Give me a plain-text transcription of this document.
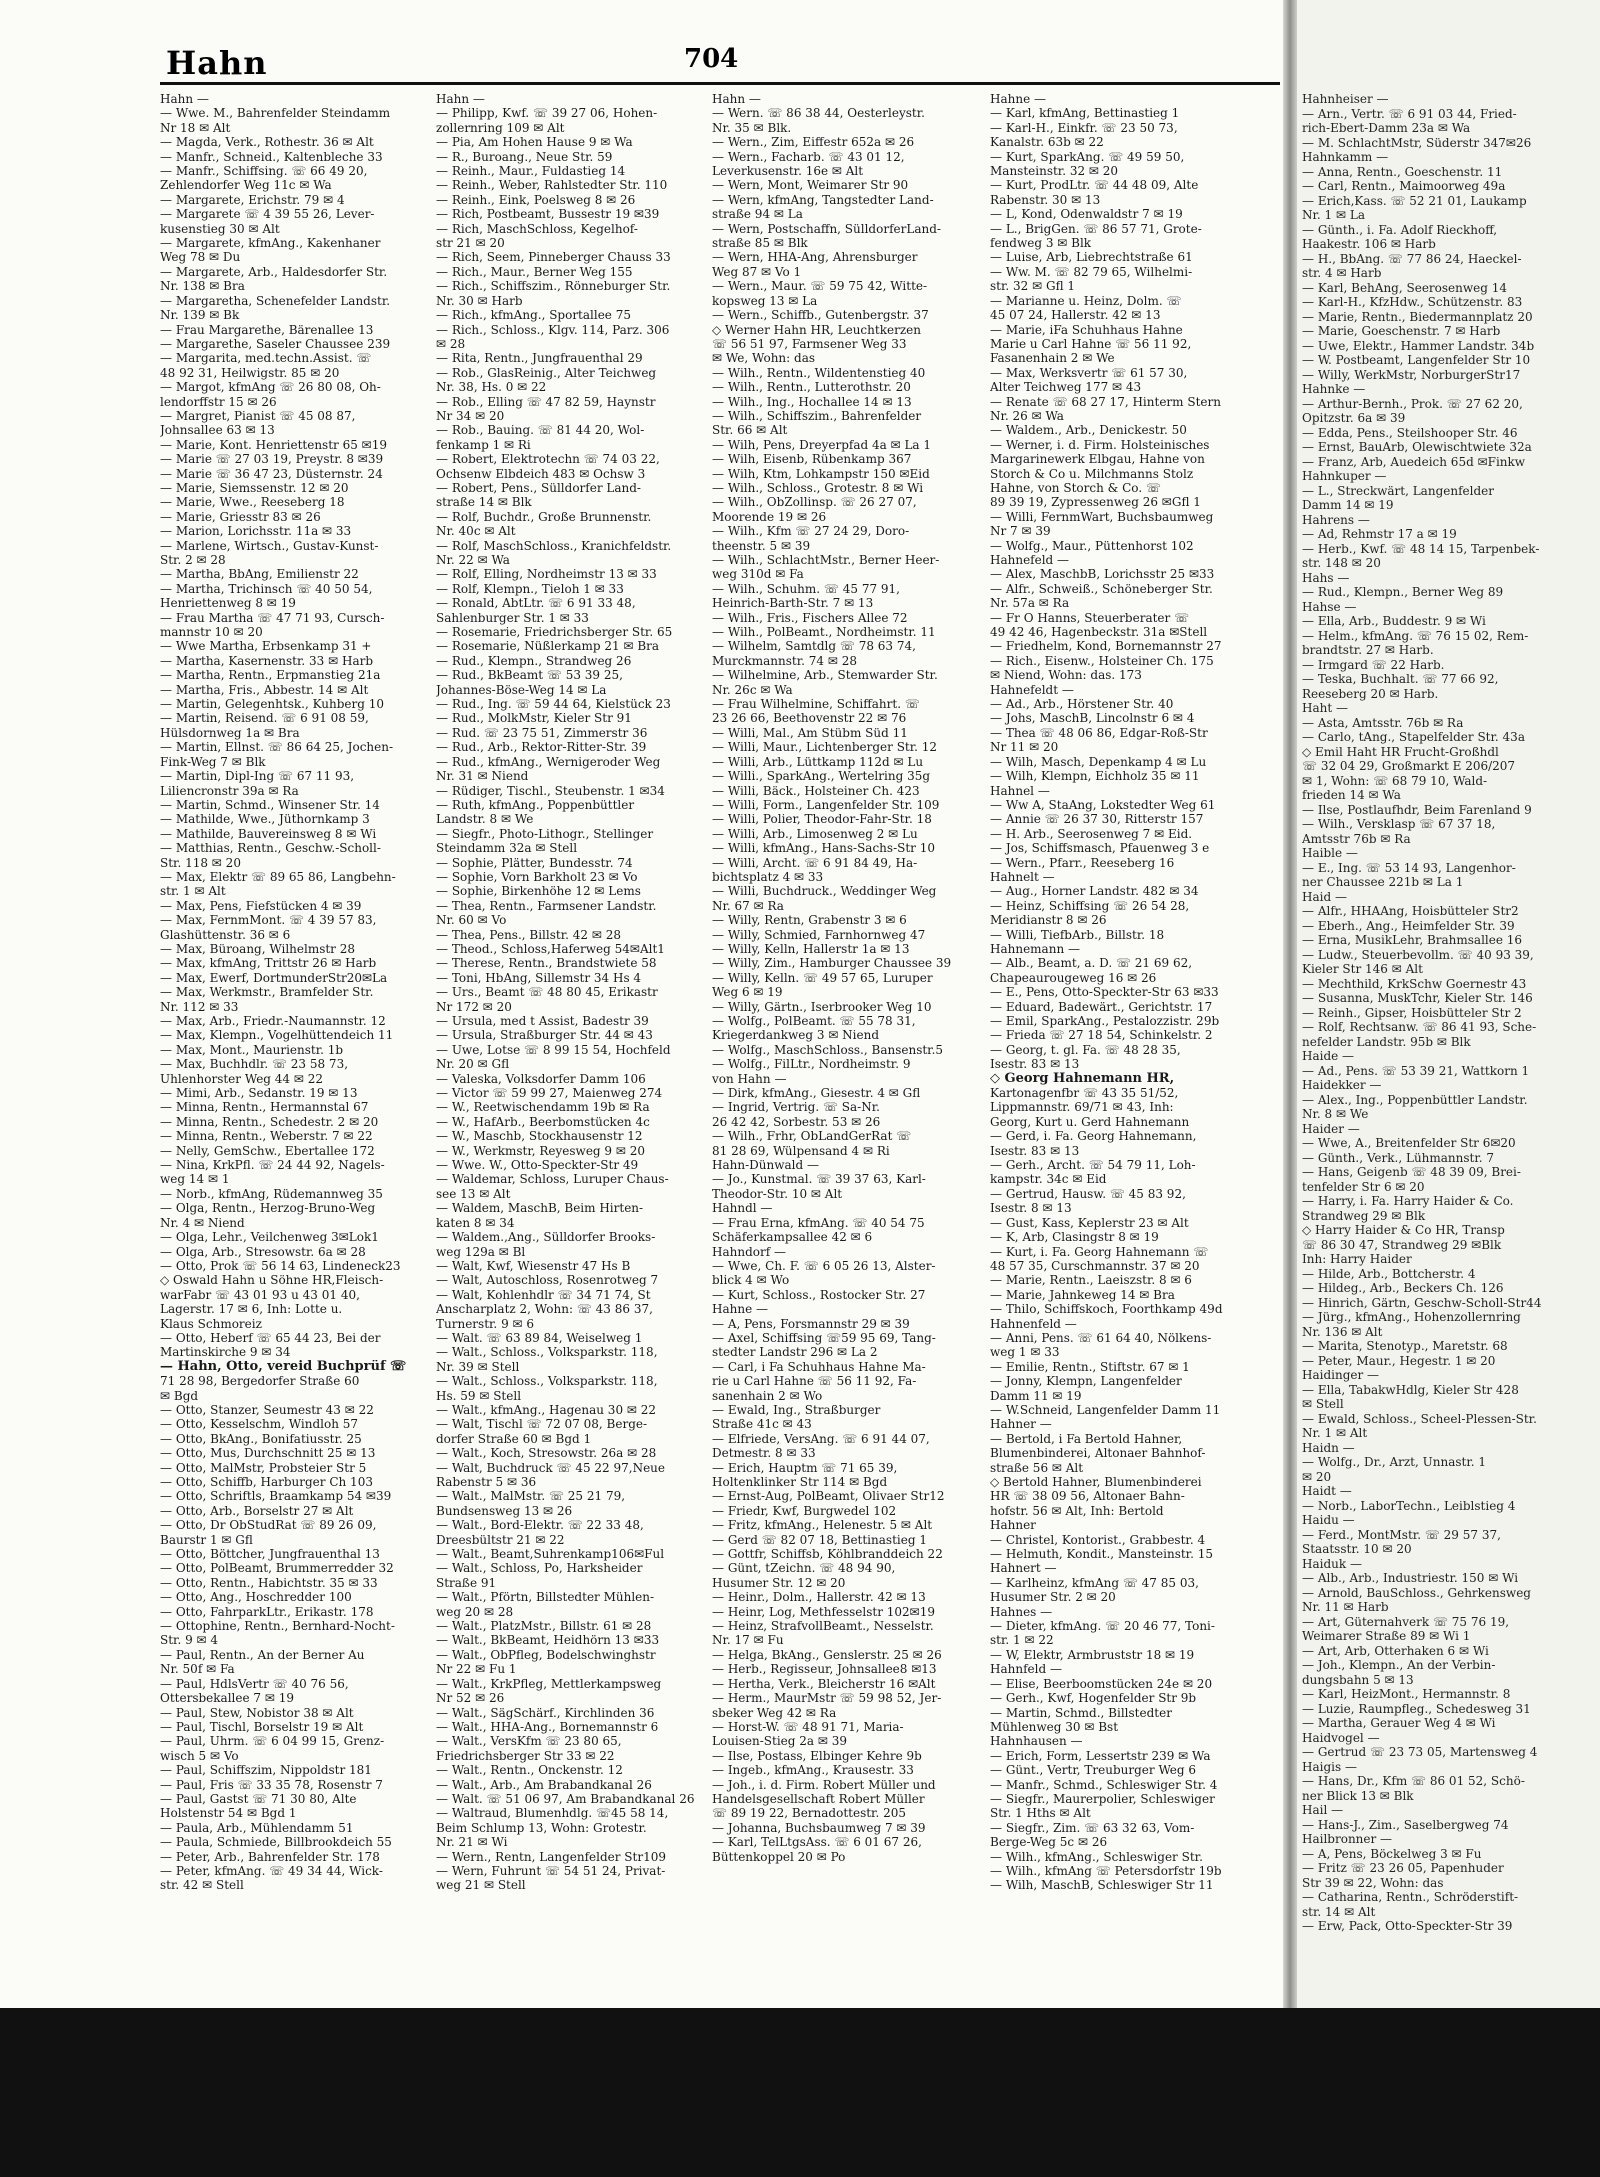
Hahn	704
Hahn —
— Wwe. M., Bahrenfelder Steindamm
Nr 18 ✉ Alt
— Magda, Verk., Rothestr. 36 ✉ Alt
— Manfr., Schneid., Kaltenbleche 33
— Manfr., Schiffsing. ☏ 66 49 20,
Zehlendorfer Weg 11c ✉ Wa
— Margarete, Erichstr. 79 ✉ 4
— Margarete ☏ 4 39 55 26, Lever-
kusenstieg 30 ✉ Alt
— Margarete, kfmAng., Kakenhaner
Weg 78 ✉ Du
— Margarete, Arb., Haldesdorfer Str.
Nr. 138 ✉ Bra
— Margaretha, Schenefelder Landstr.
Nr. 139 ✉ Bk
— Frau Margarethe, Bärenallee 13
— Margarethe, Saseler Chaussee 239
— Margarita, med.techn.Assist. ☏
48 92 31, Heilwigstr. 85 ✉ 20
— Margot, kfmAng ☏ 26 80 08, Oh-
lendorffstr 15 ✉ 26
— Margret, Pianist ☏ 45 08 87,
Johnsallee 63 ✉ 13
— Marie, Kont. Henriettenstr 65 ✉19
— Marie ☏ 27 03 19, Preystr. 8 ✉39
— Marie ☏ 36 47 23, Düsternstr. 24
— Marie, Siemssenstr. 12 ✉ 20
— Marie, Wwe., Reeseberg 18
— Marie, Griesstr 83 ✉ 26
— Marion, Lorichsstr. 11a ✉ 33
— Marlene, Wirtsch., Gustav-Kunst-
Str. 2 ✉ 28
— Martha, BbAng, Emilienstr 22
— Martha, Trichinsch ☏ 40 50 54,
Henriettenweg 8 ✉ 19
— Frau Martha ☏ 47 71 93, Cursch-
mannstr 10 ✉ 20
— Wwe Martha, Erbsenkamp 31 +
— Martha, Kasernenstr. 33 ✉ Harb
— Martha, Rentn., Erpmanstieg 21a
— Martha, Fris., Abbestr. 14 ✉ Alt
— Martin, Gelegenhtsk., Kuhberg 10
— Martin, Reisend. ☏ 6 91 08 59,
Hülsdornweg 1a ✉ Bra
— Martin, Ellnst. ☏ 86 64 25, Jochen-
Fink-Weg 7 ✉ Blk
— Martin, Dipl-Ing ☏ 67 11 93,
Liliencronstr 39a ✉ Ra
— Martin, Schmd., Winsener Str. 14
— Mathilde, Wwe., Jüthornkamp 3
— Mathilde, Bauvereinsweg 8 ✉ Wi
— Matthias, Rentn., Geschw.-Scholl-
Str. 118 ✉ 20
— Max, Elektr ☏ 89 65 86, Langbehn-
str. 1 ✉ Alt
— Max, Pens, Fiefstücken 4 ✉ 39
— Max, FernmMont. ☏ 4 39 57 83,
Glashüttenstr. 36 ✉ 6
— Max, Büroang, Wilhelmstr 28
— Max, kfmAng, Trittstr 26 ✉ Harb
— Max, Ewerf, DortmunderStr20✉La
— Max, Werkmstr., Bramfelder Str.
Nr. 112 ✉ 33
— Max, Arb., Friedr.-Naumannstr. 12
— Max, Klempn., Vogelhüttendeich 11
— Max, Mont., Maurienstr. 1b
— Max, Buchhdlr. ☏ 23 58 73,
Uhlenhorster Weg 44 ✉ 22
— Mimi, Arb., Sedanstr. 19 ✉ 13
— Minna, Rentn., Hermannstal 67
— Minna, Rentn., Schedestr. 2 ✉ 20
— Minna, Rentn., Weberstr. 7 ✉ 22
— Nelly, GemSchw., Ebertallee 172
— Nina, KrkPfl. ☏ 24 44 92, Nagels-
weg 14 ✉ 1
— Norb., kfmAng, Rüdemannweg 35
— Olga, Rentn., Herzog-Bruno-Weg
Nr. 4 ✉ Niend
— Olga, Lehr., Veilchenweg 3✉Lok1
— Olga, Arb., Stresowstr. 6a ✉ 28
— Otto, Prok ☏ 56 14 63, Lindeneck23
◇ Oswald Hahn u Söhne HR,Fleisch-
warFabr ☏ 43 01 93 u 43 01 40,
Lagerstr. 17 ✉ 6, Inh: Lotte u.
Klaus Schmoreiz
— Otto, Heberf ☏ 65 44 23, Bei der
Martinskirche 9 ✉ 34
— Hahn, Otto, vereid Buchprüf ☏
71 28 98, Bergedorfer Straße 60
✉ Bgd
— Otto, Stanzer, Seumestr 43 ✉ 22
— Otto, Kesselschm, Windloh 57
— Otto, BkAng., Bonifatiusstr. 25
— Otto, Mus, Durchschnitt 25 ✉ 13
— Otto, MalMstr, Probsteier Str 5
— Otto, Schiffb, Harburger Ch 103
— Otto, Schriftls, Braamkamp 54 ✉39
— Otto, Arb., Borselstr 27 ✉ Alt
— Otto, Dr ObStudRat ☏ 89 26 09,
Baurstr 1 ✉ Gfl
— Otto, Böttcher, Jungfrauenthal 13
— Otto, PolBeamt, Brummerredder 32
— Otto, Rentn., Habichtstr. 35 ✉ 33
— Otto, Ang., Hoschredder 100
— Otto, FahrparkLtr., Erikastr. 178
— Ottophine, Rentn., Bernhard-Nocht-
Str. 9 ✉ 4
— Paul, Rentn., An der Berner Au
Nr. 50f ✉ Fa
— Paul, HdlsVertr ☏ 40 76 56,
Ottersbekallee 7 ✉ 19
— Paul, Stew, Nobistor 38 ✉ Alt
— Paul, Tischl, Borselstr 19 ✉ Alt
— Paul, Uhrm. ☏ 6 04 99 15, Grenz-
wisch 5 ✉ Vo
— Paul, Schiffszim, Nippoldstr 181
— Paul, Fris ☏ 33 35 78, Rosenstr 7
— Paul, Gastst ☏ 71 30 80, Alte
Holstenstr 54 ✉ Bgd 1
— Paula, Arb., Mühlendamm 51
— Paula, Schmiede, Billbrookdeich 55
— Peter, Arb., Bahrenfelder Str. 178
— Peter, kfmAng. ☏ 49 34 44, Wick-
str. 42 ✉ Stell
Hahn —
— Philipp, Kwf. ☏ 39 27 06, Hohen-
zollernring 109 ✉ Alt
— Pia, Am Hohen Hause 9 ✉ Wa
— R., Buroang., Neue Str. 59
— Reinh., Maur., Fuldastieg 14
— Reinh., Weber, Rahlstedter Str. 110
— Reinh., Eink, Poelsweg 8 ✉ 26
— Rich, Postbeamt, Bussestr 19 ✉39
— Rich, MaschSchloss, Kegelhof-
str 21 ✉ 20
— Rich, Seem, Pinneberger Chauss 33
— Rich., Maur., Berner Weg 155
— Rich., Schiffszim., Rönneburger Str.
Nr. 30 ✉ Harb
— Rich., kfmAng., Sportallee 75
— Rich., Schloss., Klgv. 114, Parz. 306
✉ 28
— Rita, Rentn., Jungfrauenthal 29
— Rob., GlasReinig., Alter Teichweg
Nr. 38, Hs. 0 ✉ 22
— Rob., Elling ☏ 47 82 59, Haynstr
Nr 34 ✉ 20
— Rob., Bauing. ☏ 81 44 20, Wol-
fenkamp 1 ✉ Ri
— Robert, Elektrotechn ☏ 74 03 22,
Ochsenw Elbdeich 483 ✉ Ochsw 3
— Robert, Pens., Sülldorfer Land-
straße 14 ✉ Blk
— Rolf, Buchdr., Große Brunnenstr.
Nr. 40c ✉ Alt
— Rolf, MaschSchloss., Kranichfeldstr.
Nr. 22 ✉ Wa
— Rolf, Elling, Nordheimstr 13 ✉ 33
— Rolf, Klempn., Tieloh 1 ✉ 33
— Ronald, AbtLtr. ☏ 6 91 33 48,
Sahlenburger Str. 1 ✉ 33
— Rosemarie, Friedrichsberger Str. 65
— Rosemarie, Nüßlerkamp 21 ✉ Bra
— Rud., Klempn., Strandweg 26
— Rud., BkBeamt ☏ 53 39 25,
Johannes-Böse-Weg 14 ✉ La
— Rud., Ing. ☏ 59 44 64, Kielstück 23
— Rud., MolkMstr, Kieler Str 91
— Rud. ☏ 23 75 51, Zimmerstr 36
— Rud., Arb., Rektor-Ritter-Str. 39
— Rud., kfmAng., Wernigeroder Weg
Nr. 31 ✉ Niend
— Rüdiger, Tischl., Steubenstr. 1 ✉34
— Ruth, kfmAng., Poppenbüttler
Landstr. 8 ✉ We
— Siegfr., Photo-Lithogr., Stellinger
Steindamm 32a ✉ Stell
— Sophie, Plätter, Bundesstr. 74
— Sophie, Vorn Barkholt 23 ✉ Vo
— Sophie, Birkenhöhe 12 ✉ Lems
— Thea, Rentn., Farmsener Landstr.
Nr. 60 ✉ Vo
— Thea, Pens., Billstr. 42 ✉ 28
— Theod., Schloss,Haferweg 54✉Alt1
— Therese, Rentn., Brandstwiete 58
— Toni, HbAng, Sillemstr 34 Hs 4
— Urs., Beamt ☏ 48 80 45, Erikastr
Nr 172 ✉ 20
— Ursula, med t Assist, Badestr 39
— Ursula, Straßburger Str. 44 ✉ 43
— Uwe, Lotse ☏ 8 99 15 54, Hochfeld
Nr. 20 ✉ Gfl
— Valeska, Volksdorfer Damm 106
— Victor ☏ 59 99 27, Maienweg 274
— W., Reetwischendamm 19b ✉ Ra
— W., HafArb., Beerbomstücken 4c
— W., Maschb, Stockhausenstr 12
— W., Werkmstr, Reyesweg 9 ✉ 20
— Wwe. W., Otto-Speckter-Str 49
— Waldemar, Schloss, Luruper Chaus-
see 13 ✉ Alt
— Waldem, MaschB, Beim Hirten-
katen 8 ✉ 34
— Waldem.,Ang., Sülldorfer Brooks-
weg 129a ✉ Bl
— Walt, Kwf, Wiesenstr 47 Hs B
— Walt, Autoschloss, Rosenrotweg 7
— Walt, Kohlenhdlr ☏ 34 71 74, St
Anscharplatz 2, Wohn: ☏ 43 86 37,
Turnerstr. 9 ✉ 6
— Walt. ☏ 63 89 84, Weiselweg 1
— Walt., Schloss., Volksparkstr. 118,
Nr. 39 ✉ Stell
— Walt., Schloss., Volksparkstr. 118,
Hs. 59 ✉ Stell
— Walt., kfmAng., Hagenau 30 ✉ 22
— Walt, Tischl ☏ 72 07 08, Berge-
dorfer Straße 60 ✉ Bgd 1
— Walt., Koch, Stresowstr. 26a ✉ 28
— Walt, Buchdruck ☏ 45 22 97,Neue
Rabenstr 5 ✉ 36
— Walt., MalMstr. ☏ 25 21 79,
Bundsensweg 13 ✉ 26
— Walt., Bord-Elektr. ☏ 22 33 48,
Dreesbültstr 21 ✉ 22
— Walt., Beamt,Suhrenkamp106✉Ful
— Walt., Schloss, Po, Harksheider
Straße 91
— Walt., Pförtn, Billstedter Mühlen-
weg 20 ✉ 28
— Walt., PlatzMstr., Billstr. 61 ✉ 28
— Walt., BkBeamt, Heidhörn 13 ✉33
— Walt., ObPfleg, Bodelschwinghstr
Nr 22 ✉ Fu 1
— Walt., KrkPfleg, Mettlerkampsweg
Nr 52 ✉ 26
— Walt., SägSchärf., Kirchlinden 36
— Walt., HHA-Ang., Bornemannstr 6
— Walt., VersKfm ☏ 23 80 65,
Friedrichsberger Str 33 ✉ 22
— Walt., Rentn., Onckenstr. 12
— Walt., Arb., Am Brabandkanal 26
— Walt. ☏ 51 06 97, Am Brabandkanal 26
— Waltraud, Blumenhdlg. ☏45 58 14,
Beim Schlump 13, Wohn: Grotestr.
Nr. 21 ✉ Wi
— Wern., Rentn, Langenfelder Str109
— Wern, Fuhrunt ☏ 54 51 24, Privat-
weg 21 ✉ Stell
Hahn —
— Wern. ☏ 86 38 44, Oesterleystr.
Nr. 35 ✉ Blk.
— Wern., Zim, Eiffestr 652a ✉ 26
— Wern., Facharb. ☏ 43 01 12,
Leverkusenstr. 16e ✉ Alt
— Wern, Mont, Weimarer Str 90
— Wern, kfmAng, Tangstedter Land-
straße 94 ✉ La
— Wern, Postschaffn, SülldorferLand-
straße 85 ✉ Blk
— Wern, HHA-Ang, Ahrensburger
Weg 87 ✉ Vo 1
— Wern., Maur. ☏ 59 75 42, Witte-
kopsweg 13 ✉ La
— Wern., Schiffb., Gutenbergstr. 37
◇ Werner Hahn HR, Leuchtkerzen
☏ 56 51 97, Farmsener Weg 33
✉ We, Wohn: das
— Wilh., Rentn., Wildentenstieg 40
— Wilh., Rentn., Lutterothstr. 20
— Wilh., Ing., Hochallee 14 ✉ 13
— Wilh., Schiffszim., Bahrenfelder
Str. 66 ✉ Alt
— Wilh, Pens, Dreyerpfad 4a ✉ La 1
— Wilh, Eisenb, Rübenkamp 367
— Wilh, Ktm, Lohkampstr 150 ✉Eid
— Wilh., Schloss., Grotestr. 8 ✉ Wi
— Wilh., ObZollinsp. ☏ 26 27 07,
Moorende 19 ✉ 26
— Wilh., Kfm ☏ 27 24 29, Doro-
theenstr. 5 ✉ 39
— Wilh., SchlachtMstr., Berner Heer-
weg 310d ✉ Fa
— Wilh., Schuhm. ☏ 45 77 91,
Heinrich-Barth-Str. 7 ✉ 13
— Wilh., Fris., Fischers Allee 72
— Wilh., PolBeamt., Nordheimstr. 11
— Wilhelm, Samtdlg ☏ 78 63 74,
Murckmannstr. 74 ✉ 28
— Wilhelmine, Arb., Stemwarder Str.
Nr. 26c ✉ Wa
— Frau Wilhelmine, Schiffahrt. ☏
23 26 66, Beethovenstr 22 ✉ 76
— Willi, Mal., Am Stübm Süd 11
— Willi, Maur., Lichtenberger Str. 12
— Willi, Arb., Lüttkamp 112d ✉ Lu
— Willi., SparkAng., Wertelring 35g
— Willi, Bäck., Holsteiner Ch. 423
— Willi, Form., Langenfelder Str. 109
— Willi, Polier, Theodor-Fahr-Str. 18
— Willi, Arb., Limosenweg 2 ✉ Lu
— Willi, kfmAng., Hans-Sachs-Str 10
— Willi, Archt. ☏ 6 91 84 49, Ha-
bichtsplatz 4 ✉ 33
— Willi, Buchdruck., Weddinger Weg
Nr. 67 ✉ Ra
— Willy, Rentn, Grabenstr 3 ✉ 6
— Willy, Schmied, Farnhornweg 47
— Willy, Kelln, Hallerstr 1a ✉ 13
— Willy, Zim., Hamburger Chaussee 39
— Willy, Kelln. ☏ 49 57 65, Luruper
Weg 6 ✉ 19
— Willy, Gärtn., Iserbrooker Weg 10
— Wolfg., PolBeamt. ☏ 55 78 31,
Kriegerdankweg 3 ✉ Niend
— Wolfg., MaschSchloss., Bansenstr.5
— Wolfg., FilLtr., Nordheimstr. 9
von Hahn —
— Dirk, kfmAng., Giesestr. 4 ✉ Gfl
— Ingrid, Vertrig. ☏ Sa-Nr.
26 42 42, Sorbestr. 53 ✉ 26
— Wilh., Frhr, ObLandGerRat ☏
81 28 69, Wülpensand 4 ✉ Ri
Hahn-Dünwald —
— Jo., Kunstmal. ☏ 39 37 63, Karl-
Theodor-Str. 10 ✉ Alt
Hahndl —
— Frau Erna, kfmAng. ☏ 40 54 75
Schäferkampsallee 42 ✉ 6
Hahndorf —
— Wwe, Ch. F. ☏ 6 05 26 13, Alster-
blick 4 ✉ Wo
— Kurt, Schloss., Rostocker Str. 27
Hahne —
— A, Pens, Forsmannstr 29 ✉ 39
— Axel, Schiffsing ☏59 95 69, Tang-
stedter Landstr 296 ✉ La 2
— Carl, i Fa Schuhhaus Hahne Ma-
rie u Carl Hahne ☏ 56 11 92, Fa-
sanenhain 2 ✉ Wo
— Ewald, Ing., Straßburger
Straße 41c ✉ 43
— Elfriede, VersAng. ☏ 6 91 44 07,
Detmestr. 8 ✉ 33
— Erich, Hauptm ☏ 71 65 39,
Holtenklinker Str 114 ✉ Bgd
— Ernst-Aug, PolBeamt, Olivaer Str12
— Friedr, Kwf, Burgwedel 102
— Fritz, kfmAng., Helenestr. 5 ✉ Alt
— Gerd ☏ 82 07 18, Bettinastieg 1
— Gottfr, Schiffsb, Köhlbranddeich 22
— Günt, tZeichn. ☏ 48 94 90,
Husumer Str. 12 ✉ 20
— Heinr., Dolm., Hallerstr. 42 ✉ 13
— Heinr, Log, Methfesselstr 102✉19
— Heinz, StrafvollBeamt., Nesselstr.
Nr. 17 ✉ Fu
— Helga, BkAng., Genslerstr. 25 ✉ 26
— Herb., Regisseur, Johnsallee8 ✉13
— Hertha, Verk., Bleicherstr 16 ✉Alt
— Herm., MaurMstr ☏ 59 98 52, Jer-
sbeker Weg 42 ✉ Ra
— Horst-W. ☏ 48 91 71, Maria-
Louisen-Stieg 2a ✉ 39
— Ilse, Postass, Elbinger Kehre 9b
— Ingeb., kfmAng., Krausestr. 33
— Joh., i. d. Firm. Robert Müller und
Handelsgesellschaft Robert Müller
☏ 89 19 22, Bernadottestr. 205
— Johanna, Buchsbaumweg 7 ✉ 39
— Karl, TelLtgsAss. ☏ 6 01 67 26,
Büttenkoppel 20 ✉ Po
Hahne —
— Karl, kfmAng, Bettinastieg 1
— Karl-H., Einkfr. ☏ 23 50 73,
Kanalstr. 63b ✉ 22
— Kurt, SparkAng. ☏ 49 59 50,
Mansteinstr. 32 ✉ 20
— Kurt, ProdLtr. ☏ 44 48 09, Alte
Rabenstr. 30 ✉ 13
— L, Kond, Odenwaldstr 7 ✉ 19
— L., BrigGen. ☏ 86 57 71, Grote-
fendweg 3 ✉ Blk
— Luise, Arb, Liebrechtstraße 61
— Ww. M. ☏ 82 79 65, Wilhelmi-
str. 32 ✉ Gfl 1
— Marianne u. Heinz, Dolm. ☏
45 07 24, Hallerstr. 42 ✉ 13
— Marie, iFa Schuhhaus Hahne
Marie u Carl Hahne ☏ 56 11 92,
Fasanenhain 2 ✉ We
— Max, Werksvertr ☏ 61 57 30,
Alter Teichweg 177 ✉ 43
— Renate ☏ 68 27 17, Hinterm Stern
Nr. 26 ✉ Wa
— Waldem., Arb., Denickestr. 50
— Werner, i. d. Firm. Holsteinisches
Margarinewerk Elbgau, Hahne von
Storch & Co u. Milchmanns Stolz
Hahne, von Storch & Co. ☏
89 39 19, Zypressenweg 26 ✉Gfl 1
— Willi, FernmWart, Buchsbaumweg
Nr 7 ✉ 39
— Wolfg., Maur., Püttenhorst 102
Hahnefeld —
— Alex, MaschbB, Lorichsstr 25 ✉33
— Alfr., Schweiß., Schöneberger Str.
Nr. 57a ✉ Ra
— Fr O Hanns, Steuerberater ☏
49 42 46, Hagenbeckstr. 31a ✉Stell
— Friedhelm, Kond, Bornemannstr 27
— Rich., Eisenw., Holsteiner Ch. 175
✉ Niend, Wohn: das. 173
Hahnefeldt —
— Ad., Arb., Hörstener Str. 40
— Johs, MaschB, Lincolnstr 6 ✉ 4
— Thea ☏ 48 06 86, Edgar-Roß-Str
Nr 11 ✉ 20
— Wilh, Masch, Depenkamp 4 ✉ Lu
— Wilh, Klempn, Eichholz 35 ✉ 11
Hahnel —
— Ww A, StaAng, Lokstedter Weg 61
— Annie ☏ 26 37 30, Ritterstr 157
— H. Arb., Seerosenweg 7 ✉ Eid.
— Jos, Schiffsmasch, Pfauenweg 3 e
— Wern., Pfarr., Reeseberg 16
Hahnelt —
— Aug., Horner Landstr. 482 ✉ 34
— Heinz, Schiffsing ☏ 26 54 28,
Meridianstr 8 ✉ 26
— Willi, TiefbArb., Billstr. 18
Hahnemann —
— Alb., Beamt, a. D. ☏ 21 69 62,
Chapeaurougeweg 16 ✉ 26
— E., Pens, Otto-Speckter-Str 63 ✉33
— Eduard, Badewärt., Gerichtstr. 17
— Emil, SparkAng., Pestalozzistr. 29b
— Frieda ☏ 27 18 54, Schinkelstr. 2
— Georg, t. gl. Fa. ☏ 48 28 35,
Isestr. 83 ✉ 13
◇ Georg Hahnemann HR,
Kartonagenfbr ☏ 43 35 51/52,
Lippmannstr. 69/71 ✉ 43, Inh:
Georg, Kurt u. Gerd Hahnemann
— Gerd, i. Fa. Georg Hahnemann,
Isestr. 83 ✉ 13
— Gerh., Archt. ☏ 54 79 11, Loh-
kampstr. 34c ✉ Eid
— Gertrud, Hausw. ☏ 45 83 92,
Isestr. 8 ✉ 13
— Gust, Kass, Keplerstr 23 ✉ Alt
— K, Arb, Clasingstr 8 ✉ 19
— Kurt, i. Fa. Georg Hahnemann ☏
48 57 35, Curschmannstr. 37 ✉ 20
— Marie, Rentn., Laeiszstr. 8 ✉ 6
— Marie, Jahnkeweg 14 ✉ Bra
— Thilo, Schiffskoch, Foorthkamp 49d
Hahnenfeld —
— Anni, Pens. ☏ 61 64 40, Nölkens-
weg 1 ✉ 33
— Emilie, Rentn., Stiftstr. 67 ✉ 1
— Jonny, Klempn, Langenfelder
Damm 11 ✉ 19
— W.Schneid, Langenfelder Damm 11
Hahner —
— Bertold, i Fa Bertold Hahner,
Blumenbinderei, Altonaer Bahnhof-
straße 56 ✉ Alt
◇ Bertold Hahner, Blumenbinderei
HR ☏ 38 09 56, Altonaer Bahn-
hofstr. 56 ✉ Alt, Inh: Bertold
Hahner
— Christel, Kontorist., Grabbestr. 4
— Helmuth, Kondit., Mansteinstr. 15
Hahnert —
— Karlheinz, kfmAng ☏ 47 85 03,
Husumer Str. 2 ✉ 20
Hahnes —
— Dieter, kfmAng. ☏ 20 46 77, Toni-
str. 1 ✉ 22
— W, Elektr, Armbruststr 18 ✉ 19
Hahnfeld —
— Elise, Beerboomstücken 24e ✉ 20
— Gerh., Kwf, Hogenfelder Str 9b
— Martin, Schmd., Billstedter
Mühlenweg 30 ✉ Bst
Hahnhausen —
— Erich, Form, Lessertstr 239 ✉ Wa
— Günt., Vertr, Treuburger Weg 6
— Manfr., Schmd., Schleswiger Str. 4
— Siegfr., Maurerpolier, Schleswiger
Str. 1 Hths ✉ Alt
— Siegfr., Zim. ☏ 63 32 63, Vom-
Berge-Weg 5c ✉ 26
— Wilh., kfmAng., Schleswiger Str.
— Wilh., kfmAng ☏ Petersdorfstr 19b
— Wilh, MaschB, Schleswiger Str 11
Hahnheiser —
— Arn., Vertr. ☏ 6 91 03 44, Fried-
rich-Ebert-Damm 23a ✉ Wa
— M. SchlachtMstr, Süderstr 347✉26
Hahnkamm —
— Anna, Rentn., Goeschenstr. 11
— Carl, Rentn., Maimoorweg 49a
— Erich,Kass. ☏ 52 21 01, Laukamp
Nr. 1 ✉ La
— Günth., i. Fa. Adolf Rieckhoff,
Haakestr. 106 ✉ Harb
— H., BbAng. ☏ 77 86 24, Haeckel-
str. 4 ✉ Harb
— Karl, BehAng, Seerosenweg 14
— Karl-H., KfzHdw., Schützenstr. 83
— Marie, Rentn., Biedermannplatz 20
— Marie, Goeschenstr. 7 ✉ Harb
— Uwe, Elektr., Hammer Landstr. 34b
— W. Postbeamt, Langenfelder Str 10
— Willy, WerkMstr, NorburgerStr17
Hahnke —
— Arthur-Bernh., Prok. ☏ 27 62 20,
Opitzstr. 6a ✉ 39
— Edda, Pens., Steilshooper Str. 46
— Ernst, BauArb, Olewischtwiete 32a
— Franz, Arb, Auedeich 65d ✉Finkw
Hahnkuper —
— L., Streckwärt, Langenfelder
Damm 14 ✉ 19
Hahrens —
— Ad, Rehmstr 17 a ✉ 19
— Herb., Kwf. ☏ 48 14 15, Tarpenbek-
str. 148 ✉ 20
Hahs —
— Rud., Klempn., Berner Weg 89
Hahse —
— Ella, Arb., Buddestr. 9 ✉ Wi
— Helm., kfmAng. ☏ 76 15 02, Rem-
brandtstr. 27 ✉ Harb.
— Irmgard ☏ 22 Harb.
— Teska, Buchhalt. ☏ 77 66 92,
Reeseberg 20 ✉ Harb.
Haht —
— Asta, Amtsstr. 76b ✉ Ra
— Carlo, tAng., Stapelfelder Str. 43a
◇ Emil Haht HR Frucht-Großhdl
☏ 32 04 29, Großmarkt E 206/207
✉ 1, Wohn: ☏ 68 79 10, Wald-
frieden 14 ✉ Wa
— Ilse, Postlaufhdr, Beim Farenland 9
— Wilh., Versklasp ☏ 67 37 18,
Amtsstr 76b ✉ Ra
Haible —
— E., Ing. ☏ 53 14 93, Langenhor-
ner Chaussee 221b ✉ La 1
Haid —
— Alfr., HHAAng, Hoisbütteler Str2
— Eberh., Ang., Heimfelder Str. 39
— Erna, MusikLehr, Brahmsallee 16
— Ludw., Steuerbevollm. ☏ 40 93 39,
Kieler Str 146 ✉ Alt
— Mechthild, KrkSchw Goernestr 43
— Susanna, MuskTchr, Kieler Str. 146
— Reinh., Gipser, Hoisbütteler Str 2
— Rolf, Rechtsanw. ☏ 86 41 93, Sche-
nefelder Landstr. 95b ✉ Blk
Haide —
— Ad., Pens. ☏ 53 39 21, Wattkorn 1
Haidekker —
— Alex., Ing., Poppenbüttler Landstr.
Nr. 8 ✉ We
Haider —
— Wwe, A., Breitenfelder Str 6✉20
— Günth., Verk., Lühmannstr. 7
— Hans, Geigenb ☏ 48 39 09, Brei-
tenfelder Str 6 ✉ 20
— Harry, i. Fa. Harry Haider & Co.
Strandweg 29 ✉ Blk
◇ Harry Haider & Co HR, Transp
☏ 86 30 47, Strandweg 29 ✉Blk
Inh: Harry Haider
— Hilde, Arb., Bottcherstr. 4
— Hildeg., Arb., Beckers Ch. 126
— Hinrich, Gärtn, Geschw-Scholl-Str44
— Jürg., kfmAng., Hohenzollernring
Nr. 136 ✉ Alt
— Marita, Stenotyp., Maretstr. 68
— Peter, Maur., Hegestr. 1 ✉ 20
Haidinger —
— Ella, TabakwHdlg, Kieler Str 428
✉ Stell
— Ewald, Schloss., Scheel-Plessen-Str.
Nr. 1 ✉ Alt
Haidn —
— Wolfg., Dr., Arzt, Unnastr. 1
✉ 20
Haidt —
— Norb., LaborTechn., Leiblstieg 4
Haidu —
— Ferd., MontMstr. ☏ 29 57 37,
Staatsstr. 10 ✉ 20
Haiduk —
— Alb., Arb., Industriestr. 150 ✉ Wi
— Arnold, BauSchloss., Gehrkensweg
Nr. 11 ✉ Harb
— Art, Güternahverk ☏ 75 76 19,
Weimarer Straße 89 ✉ Wi 1
— Art, Arb, Otterhaken 6 ✉ Wi
— Joh., Klempn., An der Verbin-
dungsbahn 5 ✉ 13
— Karl, HeizMont., Hermannstr. 8
— Luzie, Raumpfleg., Schedesweg 31
— Martha, Gerauer Weg 4 ✉ Wi
Haidvogel —
— Gertrud ☏ 23 73 05, Martensweg 4
Haigis —
— Hans, Dr., Kfm ☏ 86 01 52, Schö-
ner Blick 13 ✉ Blk
Hail —
— Hans-J., Zim., Saselbergweg 74
Hailbronner —
— A, Pens, Böckelweg 3 ✉ Fu
— Fritz ☏ 23 26 05, Papenhuder
Str 39 ✉ 22, Wohn: das
— Catharina, Rentn., Schröderstift-
str. 14 ✉ Alt
— Erw, Pack, Otto-Speckter-Str 39
